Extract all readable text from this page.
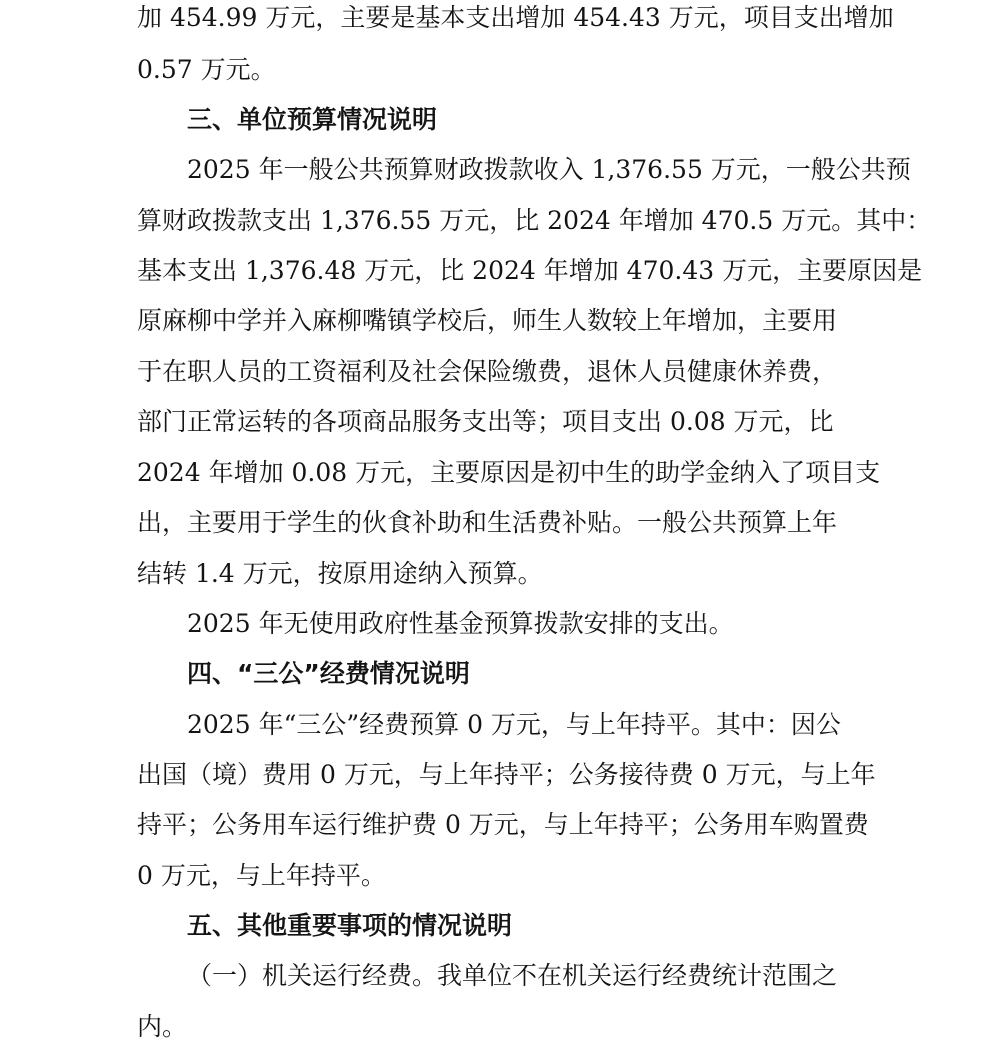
加 454.99 万元，主要是基本支出增加 454.43 万元，项目支出增加
0.57 万元。
三、单位预算情况说明
2025 年一般公共预算财政拨款收入 1,376.55 万元，一般公共预
算财政拨款支出 1,376.55 万元，比 2024 年增加 470.5 万元。其中：
基本支出 1,376.48 万元，比 2024 年增加 470.43 万元，主要原因是
原麻柳中学并入麻柳嘴镇学校后，师生人数较上年增加，主要用
于在职人员的工资福利及社会保险缴费，退休人员健康休养费，
部门正常运转的各项商品服务支出等；项目支出 0.08 万元，比
2024 年增加 0.08 万元，主要原因是初中生的助学金纳入了项目支
出，主要用于学生的伙食补助和生活费补贴。一般公共预算上年
结转 1.4 万元，按原用途纳入预算。
2025 年无使用政府性基金预算拨款安排的支出。
四、“三公”经费情况说明
2025 年“三公”经费预算 0 万元，与上年持平。其中：因公
出国（境）费用 0 万元，与上年持平；公务接待费 0 万元，与上年
持平；公务用车运行维护费 0 万元，与上年持平；公务用车购置费
0 万元，与上年持平。
五、其他重要事项的情况说明
（一）机关运行经费。我单位不在机关运行经费统计范围之
内。
